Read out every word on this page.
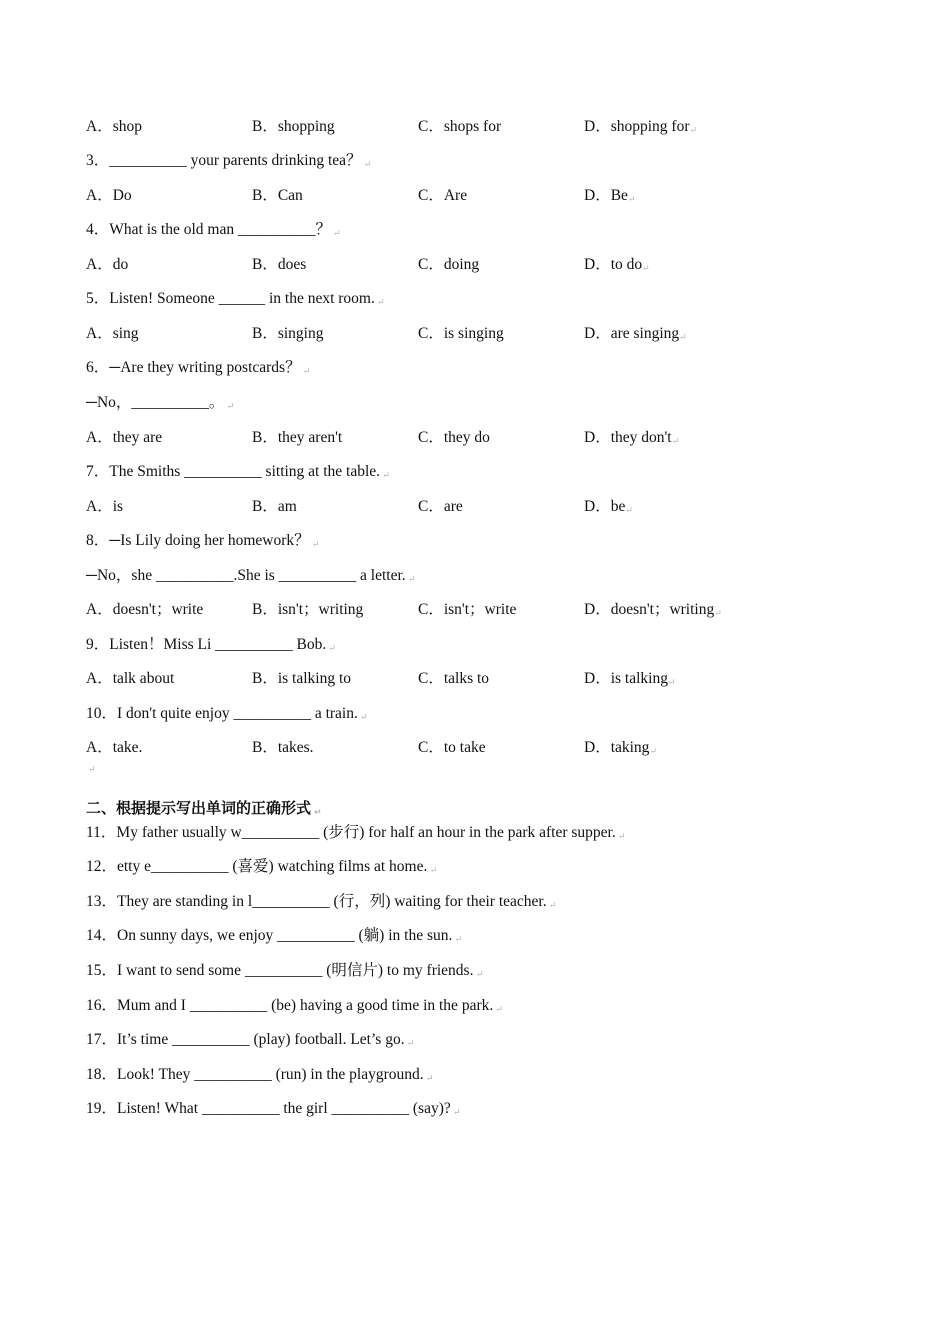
↵
A．shop	B．shopping	C．shops for	D．shopping for↵
3．__________ your parents drinking tea？ ↵
A．Do	B．Can	C．Are	D．Be↵
4．What is the old man __________？ ↵
A．do	B．does	C．doing	D．to do↵
5．Listen! Someone ______ in the next room. ↵
A．sing	B．singing	C．is singing	D．are singing↵
6．─Are they writing postcards？ ↵
─No，__________。 ↵
A．they are	B．they aren't	C．they do	D．they don't↵
7．The Smiths __________ sitting at the table. ↵
A．is	B．am	C．are	D．be↵
8．─Is Lily doing her homework？ ↵
─No，she __________.She is __________ a letter. ↵
A．doesn't；write	B．isn't；writing	C．isn't；write	D．doesn't；writing↵
9．Listen！Miss Li __________ Bob. ↵
A．talk about	B．is talking to	C．talks to	D．is talking↵
10．I don't quite enjoy __________ a train. ↵
A．take.	B．takes.	C．to take	D．taking↵
二、根据提示写出单词的正确形式 ↵
11．My father usually w__________ (步行) for half an hour in the park after supper. ↵
12．etty e__________ (喜爱) watching films at home. ↵
13．They are standing in l__________ (行，列) waiting for their teacher. ↵
14．On sunny days, we enjoy __________ (躺) in the sun. ↵
15．I want to send some __________ (明信片) to my friends. ↵
16．Mum and I __________ (be) having a good time in the park. ↵
17．It’s time __________ (play) football. Let’s go. ↵
18．Look! They __________ (run) in the playground. ↵
19．Listen! What __________ the girl __________ (say)? ↵
